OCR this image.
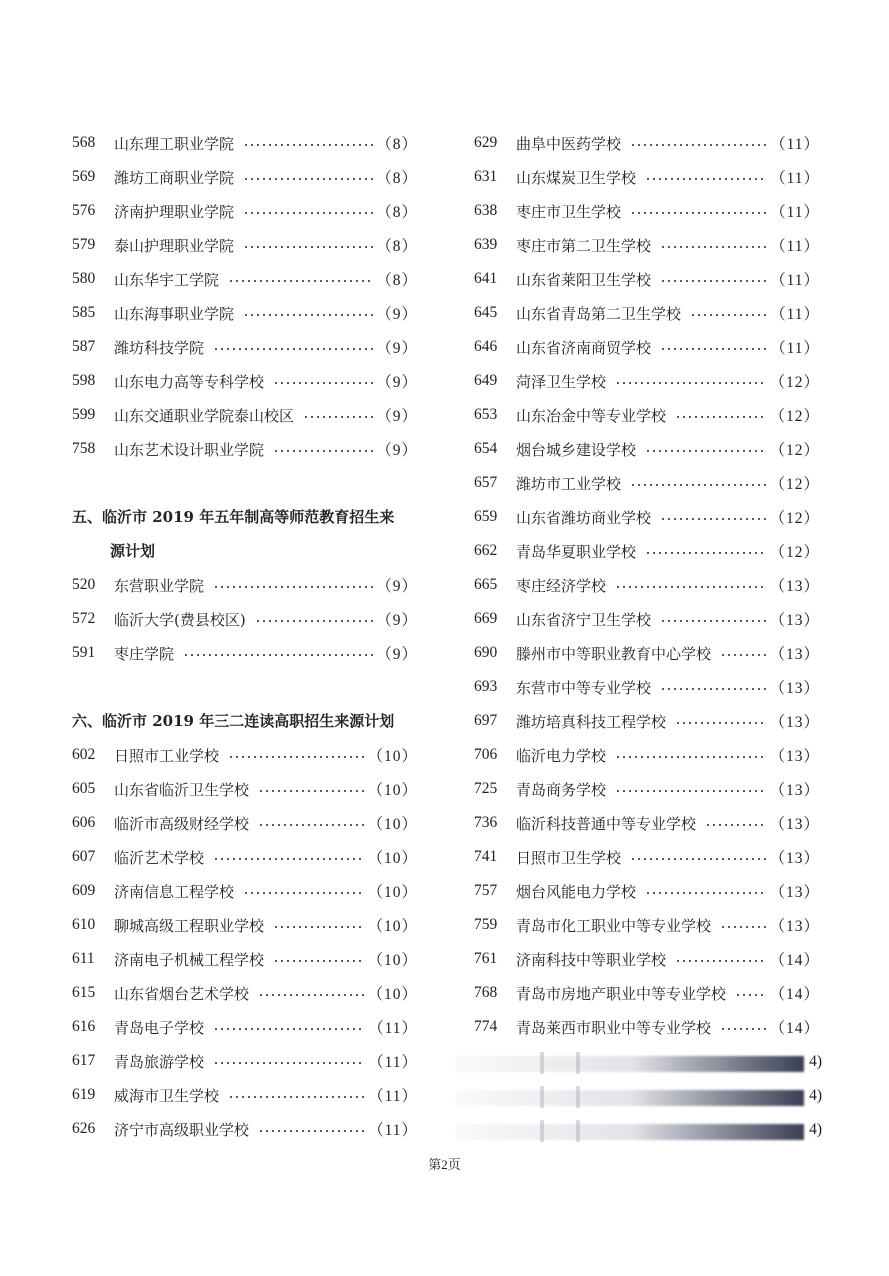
568	山东理工职业学院	（8）
569	潍坊工商职业学院	（8）
576	济南护理职业学院	（8）
579	泰山护理职业学院	（8）
580	山东华宇工学院	（8）
585	山东海事职业学院	（9）
587	潍坊科技学院	（9）
598	山东电力高等专科学校	（9）
599	山东交通职业学院泰山校区	（9）
758	山东艺术设计职业学院	（9）
五、临沂市 2019 年五年制高等师范教育招生来
源计划
520	东营职业学院	（9）
572	临沂大学(费县校区)	（9）
591	枣庄学院	（9）
六、临沂市 2019 年三二连读高职招生来源计划
602	日照市工业学校	（10）
605	山东省临沂卫生学校	（10）
606	临沂市高级财经学校	（10）
607	临沂艺术学校	（10）
609	济南信息工程学校	（10）
610	聊城高级工程职业学校	（10）
611	济南电子机械工程学校	（10）
615	山东省烟台艺术学校	（10）
616	青岛电子学校	（11）
617	青岛旅游学校	（11）
619	威海市卫生学校	（11）
626	济宁市高级职业学校	（11）
629	曲阜中医药学校	（11）
631	山东煤炭卫生学校	（11）
638	枣庄市卫生学校	（11）
639	枣庄市第二卫生学校	（11）
641	山东省莱阳卫生学校	（11）
645	山东省青岛第二卫生学校	（11）
646	山东省济南商贸学校	（11）
649	菏泽卫生学校	（12）
653	山东冶金中等专业学校	（12）
654	烟台城乡建设学校	（12）
657	潍坊市工业学校	（12）
659	山东省潍坊商业学校	（12）
662	青岛华夏职业学校	（12）
665	枣庄经济学校	（13）
669	山东省济宁卫生学校	（13）
690	滕州市中等职业教育中心学校	（13）
693	东营市中等专业学校	（13）
697	潍坊培真科技工程学校	（13）
706	临沂电力学校	（13）
725	青岛商务学校	（13）
736	临沂科技普通中等专业学校	（13）
741	日照市卫生学校	（13）
757	烟台风能电力学校	（13）
759	青岛市化工职业中等专业学校	（13）
761	济南科技中等职业学校	（14）
768	青岛市房地产职业中等专业学校	（14）
774	青岛莱西市职业中等专业学校	（14）
4)
4)
4)
第2页
